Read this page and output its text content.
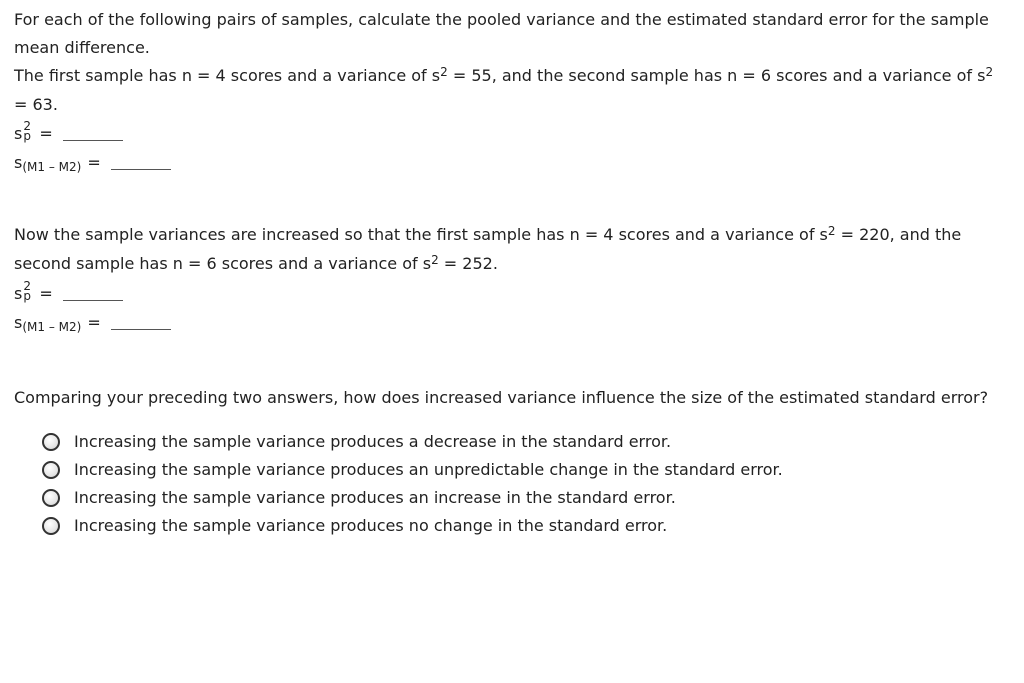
For each of the following pairs of samples, calculate the pooled variance and the estimated standard error for the sample mean difference.

The first sample has n = 4 scores and a variance of $s^2 = 55$, and the second sample has n = 6 scores and a variance of $s^2 = 63$.

s 2
p =
s(M1 – M2) =

Now the sample variances are increased so that the first sample has n = 4 scores and a variance of $s^2 = 220$, and the second sample has n = 6 scores and a variance of $s^2 = 252$.

s 2
p =
s(M1 – M2) =

Comparing your preceding two answers, how does increased variance influence the size of the estimated standard error?

Increasing the sample variance produces a decrease in the standard error.
Increasing the sample variance produces an unpredictable change in the standard error.
Increasing the sample variance produces an increase in the standard error.
Increasing the sample variance produces no change in the standard error.
